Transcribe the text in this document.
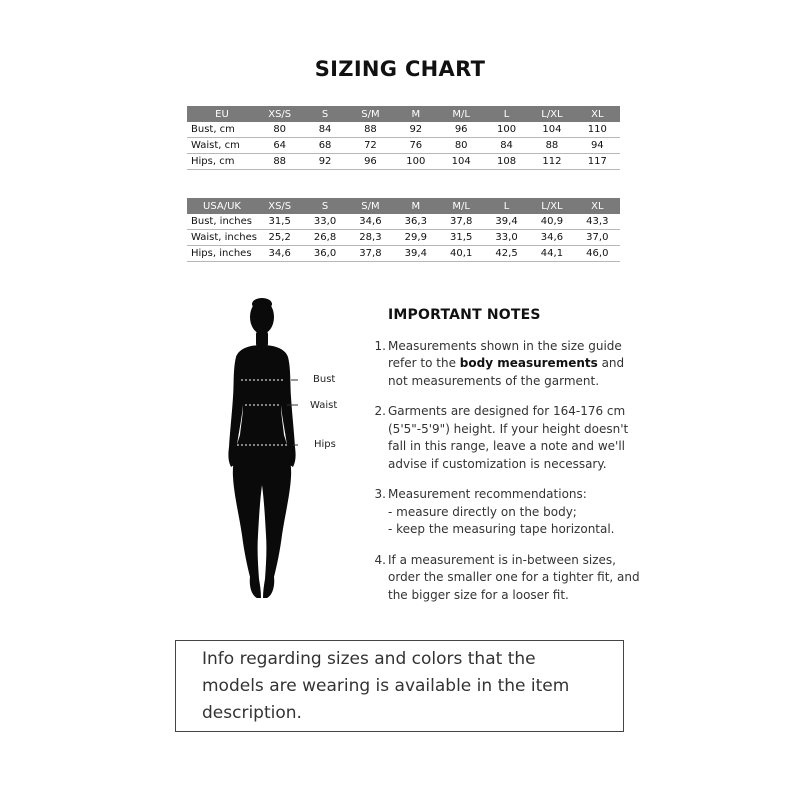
SIZING CHART
EU	XS/S	S	S/M	M	M/L	L	L/XL	XL
Bust, cm	80	84	88	92	96	100	104	110
Waist, cm	64	68	72	76	80	84	88	94
Hips, cm	88	92	96	100	104	108	112	117
USA/UK	XS/S	S	S/M	M	M/L	L	L/XL	XL
Bust, inches	31,5	33,0	34,6	36,3	37,8	39,4	40,9	43,3
Waist, inches	25,2	26,8	28,3	29,9	31,5	33,0	34,6	37,0
Hips, inches	34,6	36,0	37,8	39,4	40,1	42,5	44,1	46,0
Bust
Waist
Hips
IMPORTANT NOTES
1. Measurements shown in the size guide refer to the body measurements and not measurements of the garment.
2. Garments are designed for 164-176 cm (5'5"-5'9") height. If your height doesn't fall in this range, leave a note and we'll advise if customization is necessary.
3. Measurement recommendations:
- measure directly on the body;
- keep the measuring tape horizontal.
4. If a measurement is in-between sizes, order the smaller one for a tighter fit, and the bigger size for a looser fit.

Info regarding sizes and colors that the models are wearing is available in the item description.
